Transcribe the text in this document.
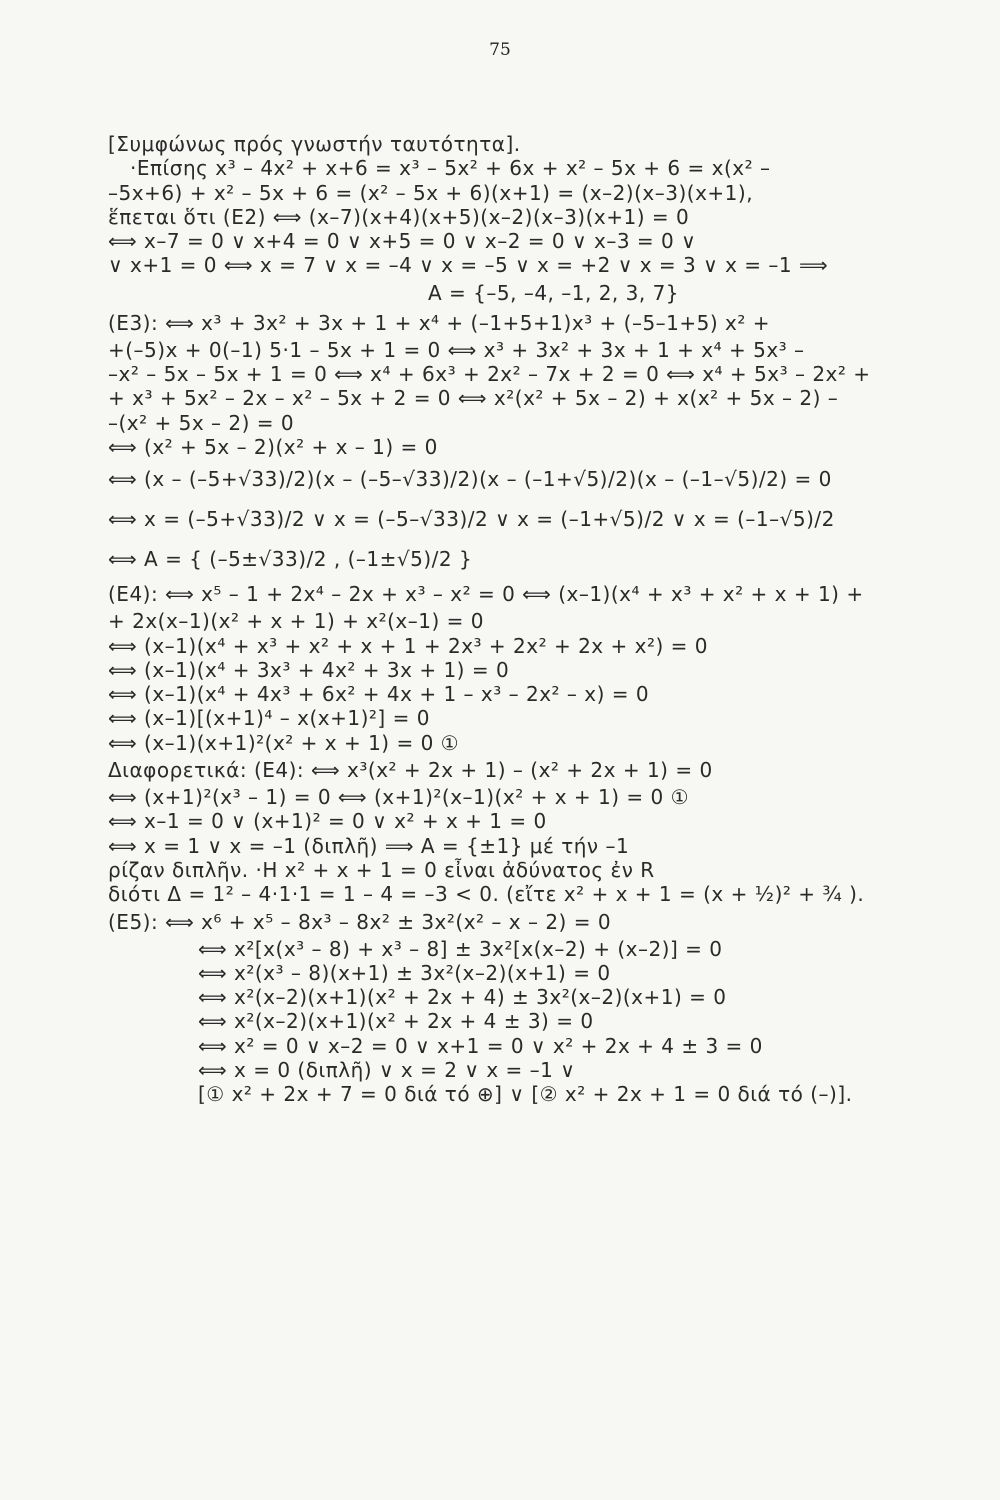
75
[Συμφώνως πρός γνωστήν ταυτότητα].
·Επίσης x³ – 4x² + x+6 = x³ – 5x² + 6x + x² – 5x + 6 = x(x² –
–5x+6) + x² – 5x + 6 = (x² – 5x + 6)(x+1) = (x–2)(x–3)(x+1),
ἕπεται ὅτι (Ε2) ⟺ (x–7)(x+4)(x+5)(x–2)(x–3)(x+1) = 0
⟺ x–7 = 0 ∨ x+4 = 0 ∨ x+5 = 0 ∨ x–2 = 0 ∨ x–3 = 0 ∨
∨ x+1 = 0 ⟺ x = 7 ∨ x = –4 ∨ x = –5 ∨ x = +2 ∨ x = 3 ∨ x = –1 ⟹
A = {–5, –4, –1, 2, 3, 7}
(Ε3): ⟺ x³ + 3x² + 3x + 1 + x⁴ + (–1+5+1)x³ + (–5–1+5) x² +
+(–5)x + 0(–1) 5·1 – 5x + 1 = 0 ⟺ x³ + 3x² + 3x + 1 + x⁴ + 5x³ –
–x² – 5x – 5x + 1 = 0 ⟺ x⁴ + 6x³ + 2x² – 7x + 2 = 0 ⟺ x⁴ + 5x³ – 2x² +
+ x³ + 5x² – 2x – x² – 5x + 2 = 0 ⟺ x²(x² + 5x – 2) + x(x² + 5x – 2) –
–(x² + 5x – 2) = 0
⟺ (x² + 5x – 2)(x² + x – 1) = 0
⟺ (x – (–5+√33)/2)(x – (–5–√33)/2)(x – (–1+√5)/2)(x – (–1–√5)/2) = 0
⟺ x = (–5+√33)/2 ∨ x = (–5–√33)/2 ∨ x = (–1+√5)/2 ∨ x = (–1–√5)/2
⟺ A = { (–5±√33)/2 , (–1±√5)/2 }
(Ε4): ⟺ x⁵ – 1 + 2x⁴ – 2x + x³ – x² = 0 ⟺ (x–1)(x⁴ + x³ + x² + x + 1) +
+ 2x(x–1)(x² + x + 1) + x²(x–1) = 0
⟺ (x–1)(x⁴ + x³ + x² + x + 1 + 2x³ + 2x² + 2x + x²) = 0
⟺ (x–1)(x⁴ + 3x³ + 4x² + 3x + 1) = 0
⟺ (x–1)(x⁴ + 4x³ + 6x² + 4x + 1 – x³ – 2x² – x) = 0
⟺ (x–1)[(x+1)⁴ – x(x+1)²] = 0
⟺ (x–1)(x+1)²(x² + x + 1) = 0 ①
Διαφορετικά: (Ε4): ⟺ x³(x² + 2x + 1) – (x² + 2x + 1) = 0
⟺ (x+1)²(x³ – 1) = 0 ⟺ (x+1)²(x–1)(x² + x + 1) = 0 ①
⟺ x–1 = 0 ∨ (x+1)² = 0 ∨ x² + x + 1 = 0
⟺ x = 1 ∨ x = –1 (διπλῆ) ⟹ A = {±1} μέ τήν –1
ρίζαν διπλῆν. ·Η x² + x + 1 = 0 εἶναι ἀδύνατος ἐν R
διότι Δ = 1² – 4·1·1 = 1 – 4 = –3 < 0. (εἴτε x² + x + 1 = (x + ½)² + ¾ ).
(Ε5): ⟺ x⁶ + x⁵ – 8x³ – 8x² ± 3x²(x² – x – 2) = 0
⟺ x²[x(x³ – 8) + x³ – 8] ± 3x²[x(x–2) + (x–2)] = 0
⟺ x²(x³ – 8)(x+1) ± 3x²(x–2)(x+1) = 0
⟺ x²(x–2)(x+1)(x² + 2x + 4) ± 3x²(x–2)(x+1) = 0
⟺ x²(x–2)(x+1)(x² + 2x + 4 ± 3) = 0
⟺ x² = 0 ∨ x–2 = 0 ∨ x+1 = 0 ∨ x² + 2x + 4 ± 3 = 0
⟺ x = 0 (διπλῆ) ∨ x = 2 ∨ x = –1 ∨
[① x² + 2x + 7 = 0 διά τό ⊕] ∨ [② x² + 2x + 1 = 0 διά τό (–)].
